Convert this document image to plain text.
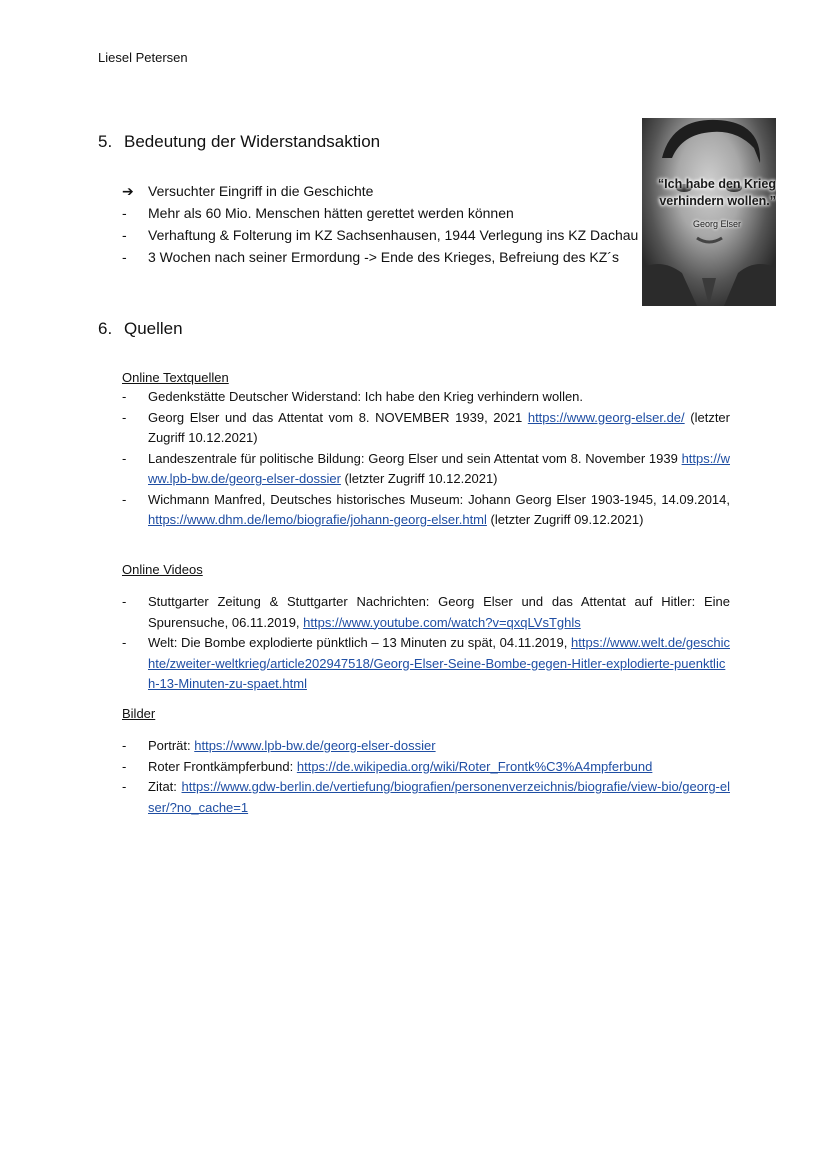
Liesel Petersen
5. Bedeutung der Widerstandsaktion
➔	Versuchter Eingriff in die Geschichte
-	Mehr als 60 Mio. Menschen hätten gerettet werden können
-	Verhaftung & Folterung im KZ Sachsenhausen, 1944 Verlegung ins KZ Dachau
-	3 Wochen nach seiner Ermordung -> Ende des Krieges, Befreiung des KZ´s
“Ich habe den Krieg verhindern wollen.”
Georg Elser
6. Quellen
Online Textquellen
- Gedenkstätte Deutscher Widerstand: Ich habe den Krieg verhindern wollen.
- Georg Elser und das Attentat vom 8. NOVEMBER 1939, 2021 https://www.georg-elser.de/ (letzter Zugriff 10.12.2021)
- Landeszentrale für politische Bildung: Georg Elser und sein Attentat vom 8. November 1939 https://www.lpb-bw.de/georg-elser-dossier (letzter Zugriff 10.12.2021)
- Wichmann Manfred, Deutsches historisches Museum: Johann Georg Elser 1903-1945, 14.09.2014, https://www.dhm.de/lemo/biografie/johann-georg-elser.html (letzter Zugriff 09.12.2021)
Online Videos
- Stuttgarter Zeitung & Stuttgarter Nachrichten: Georg Elser und das Attentat auf Hitler: Eine Spurensuche, 06.11.2019, https://www.youtube.com/watch?v=qxqLVsTghls
- Welt: Die Bombe explodierte pünktlich – 13 Minuten zu spät, 04.11.2019, https://www.welt.de/geschichte/zweiter-weltkrieg/article202947518/Georg-Elser-Seine-Bombe-gegen-Hitler-explodierte-puenktlich-13-Minuten-zu-spaet.html
Bilder
- Porträt: https://www.lpb-bw.de/georg-elser-dossier
- Roter Frontkämpferbund: https://de.wikipedia.org/wiki/Roter_Frontk%C3%A4mpferbund
- Zitat: https://www.gdw-berlin.de/vertiefung/biografien/personenverzeichnis/biografie/view-bio/georg-elser/?no_cache=1
